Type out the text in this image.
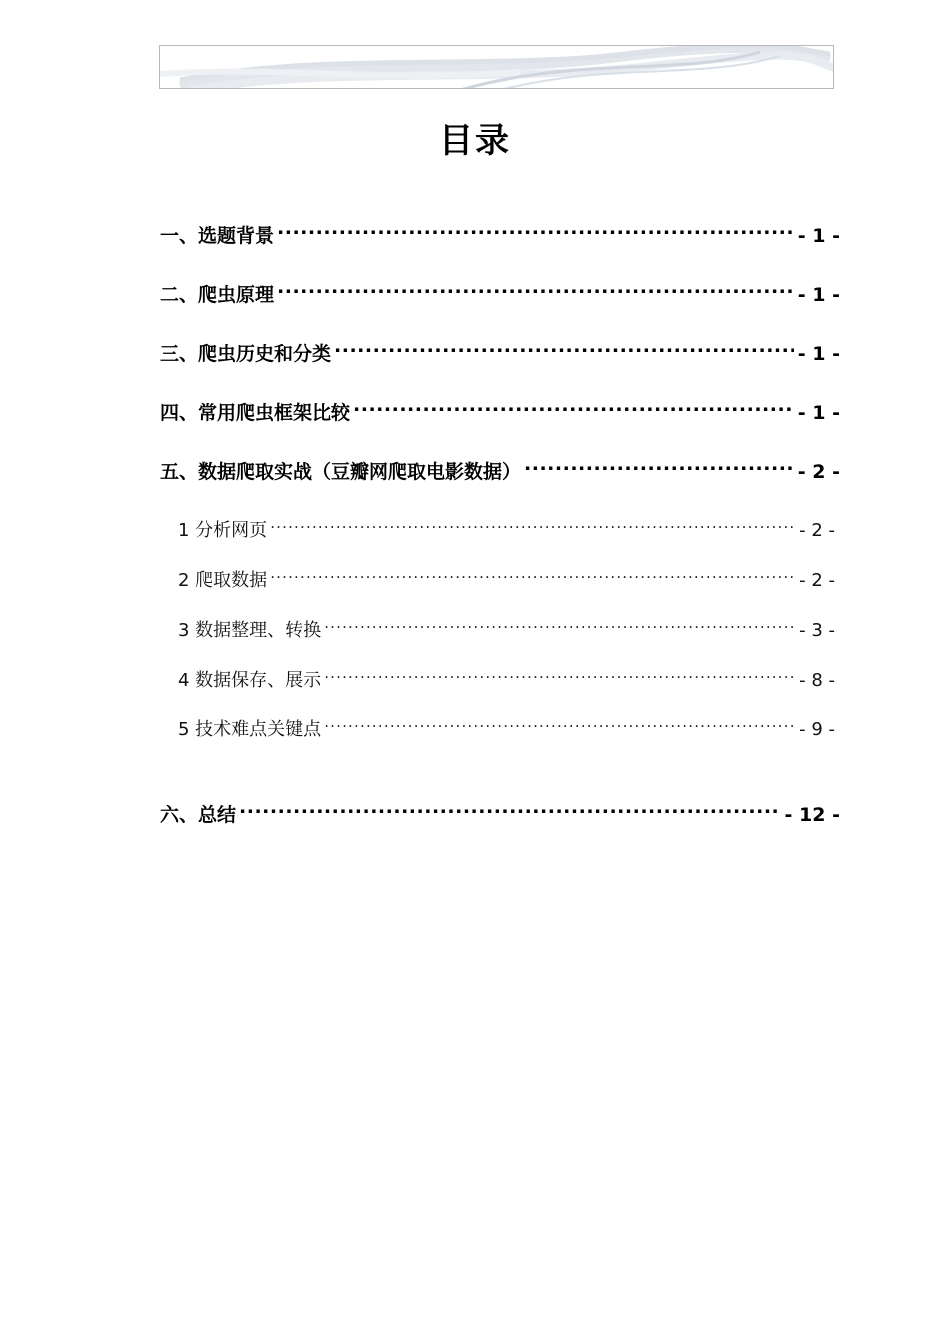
目录
一、选题背景 .....	- 1 -
二、爬虫原理 .....	- 1 -
三、爬虫历史和分类 .....	- 1 -
四、常用爬虫框架比较 .....	- 1 -
五、数据爬取实战（豆瓣网爬取电影数据） .....	- 2 -
1 分析网页 .....	- 2 -
2 爬取数据 .....	- 2 -
3 数据整理、转换 .....	- 3 -
4 数据保存、展示 .....	- 8 -
5 技术难点关键点 .....	- 9 -
六、总结 .....	- 12 -
